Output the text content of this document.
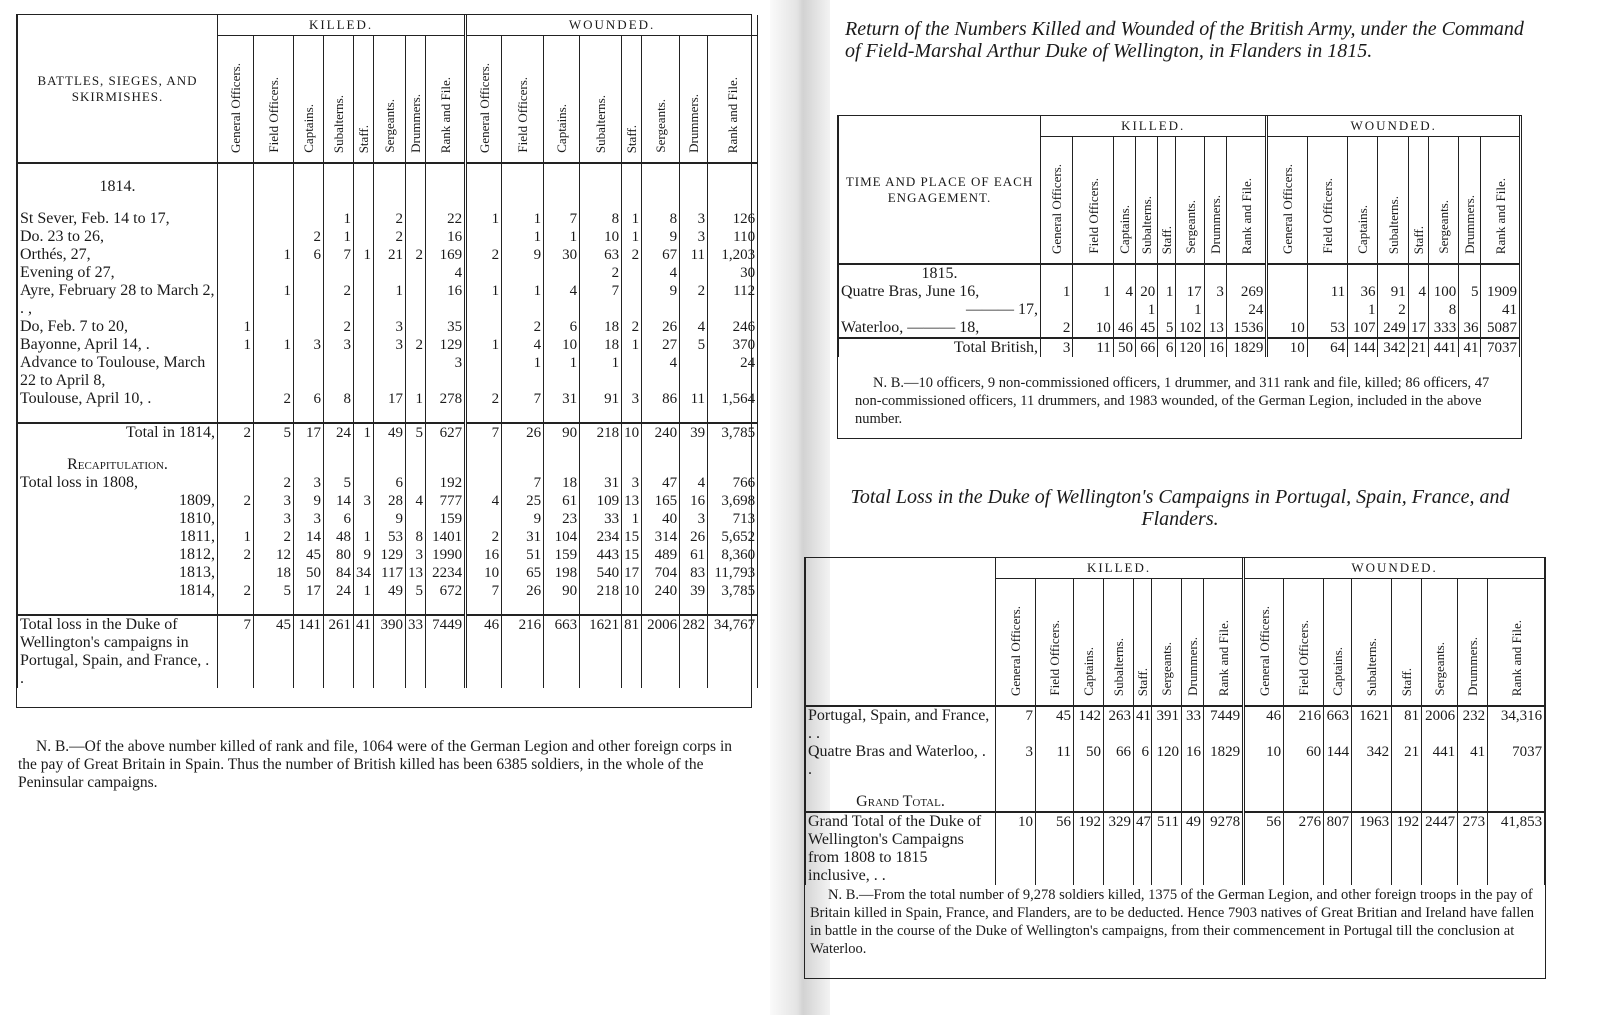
BATTLES, SIEGES, AND SKIRMISHES.	KILLED.								WOUNDED.							
	General Officers.	Field Officers.	Captains.	Subalterns.	Staff.	Sergeants.	Drummers.	Rank and File.	General Officers.	Field Officers.	Captains.	Subalterns.	Staff.	Sergeants.	Drummers.	Rank and File.

1814.																

St Sever, Feb. 14 to 17,				1		2		22	1	1	7	8	1	8	3	126
Do. 23 to 26,			2	1		2		16		1	1	10	1	9	3	110
Orthés, 27,		1	6	7	1	21	2	169	2	9	30	63	2	67	11	1,203
Evening of 27,								4				2		4		30
Ayre, February 28 to March 2, . ,		1		2		1		16	1	1	4	7		9	2	112
Do, Feb. 7 to 20,	1			2		3		35		2	6	18	2	26	4	246
Bayonne, April 14, .	1	1	3	3		3	2	129	1	4	10	18	1	27	5	370
Advance to Toulouse, March 22 to April 8,								3		1	1	1		4		24
Toulouse, April 10, .		2	6	8		17	1	278	2	7	31	91	3	86	11	1,564

Total in 1814,	2	5	17	24	1	49	5	627	7	26	90	218	10	240	39	3,785

Recapitulation.																

Total loss in 1808,		2	3	5		6		192		7	18	31	3	47	4	766

1809,	2	3	9	14	3	28	4	777	4	25	61	109	13	165	16	3,698

1810,		3	3	6		9		159		9	23	33	1	40	3	713

1811,	1	2	14	48	1	53	8	1401	2	31	104	234	15	314	26	5,652

1812,	2	12	45	80	9	129	3	1990	16	51	159	443	15	489	61	8,360

1813,		18	50	84	34	117	13	2234	10	65	198	540	17	704	83	11,793

1814,	2	5	17	24	1	49	5	672	7	26	90	218	10	240	39	3,785

Total loss in the Duke of Wellington's campaigns in Portugal, Spain, and France, . .	7	45	141	261	41	390	33	7449	46	216	663	1621	81	2006	282	34,767

N. B.—Of the above number killed of rank and file, 1064 were of the German Legion and other foreign corps in the pay of Great Britain in Spain. Thus the number of British killed has been 6385 soldiers, in the whole of the Peninsular campaigns.

Return of the Numbers Killed and Wounded of the British Army, under the Command of Field-Marshal Arthur Duke of Wellington, in Flanders in 1815.
TIME AND PLACE OF EACH ENGAGEMENT.	KILLED.								WOUNDED.							
	General Officers.	Field Officers.	Captains.	Subalterns.	Staff.	Sergeants.	Drummers.	Rank and File.	General Officers.	Field Officers.	Captains.	Subalterns.	Staff.	Sergeants.	Drummers.	Rank and File.

1815.																

Quatre Bras, June 16,	1	1	4	20	1	17	3	269		11	36	91	4	100	5	1909

——— 17,				1		1		24			1	2		8		41
Waterloo, ——— 18,	2	10	46	45	5	102	13	1536	10	53	107	249	17	333	36	5087

Total British,	3	11	50	66	6	120	16	1829	10	64	144	342	21	441	41	7037

N. B.—10 officers, 9 non-commissioned officers, 1 drummer, and 311 rank and file, killed; 86 officers, 47 non-commissioned officers, 11 drummers, and 1983 wounded, of the German Legion, included in the above number.

Total Loss in the Duke of Wellington's Campaigns in Portugal, Spain, France, and Flanders.
	KILLED.								WOUNDED.							
	General Officers.	Field Officers.	Captains.	Subalterns.	Staff.	Sergeants.	Drummers.	Rank and File.	General Officers.	Field Officers.	Captains.	Subalterns.	Staff.	Sergeants.	Drummers.	Rank and File.
Portugal, Spain, and France, . .	7	45	142	263	41	391	33	7449	46	216	663	1621	81	2006	232	34,316
Quatre Bras and Waterloo, . .	3	11	50	66	6	120	16	1829	10	60	144	342	21	441	41	7037

Grand Total.																

Grand Total of the Duke of Wellington's Campaigns from 1808 to 1815 inclusive, . .	10	56	192	329	47	511	49	9278	56	276	807	1963	192	2447	273	41,853

N. B.—From the total number of 9,278 soldiers killed, 1375 of the German Legion, and other foreign troops in the pay of Britain killed in Spain, France, and Flanders, are to be deducted. Hence 7903 natives of Great Britian and Ireland have fallen in battle in the course of the Duke of Wellington's campaigns, from their commencement in Portugal till the conclusion at Waterloo.
